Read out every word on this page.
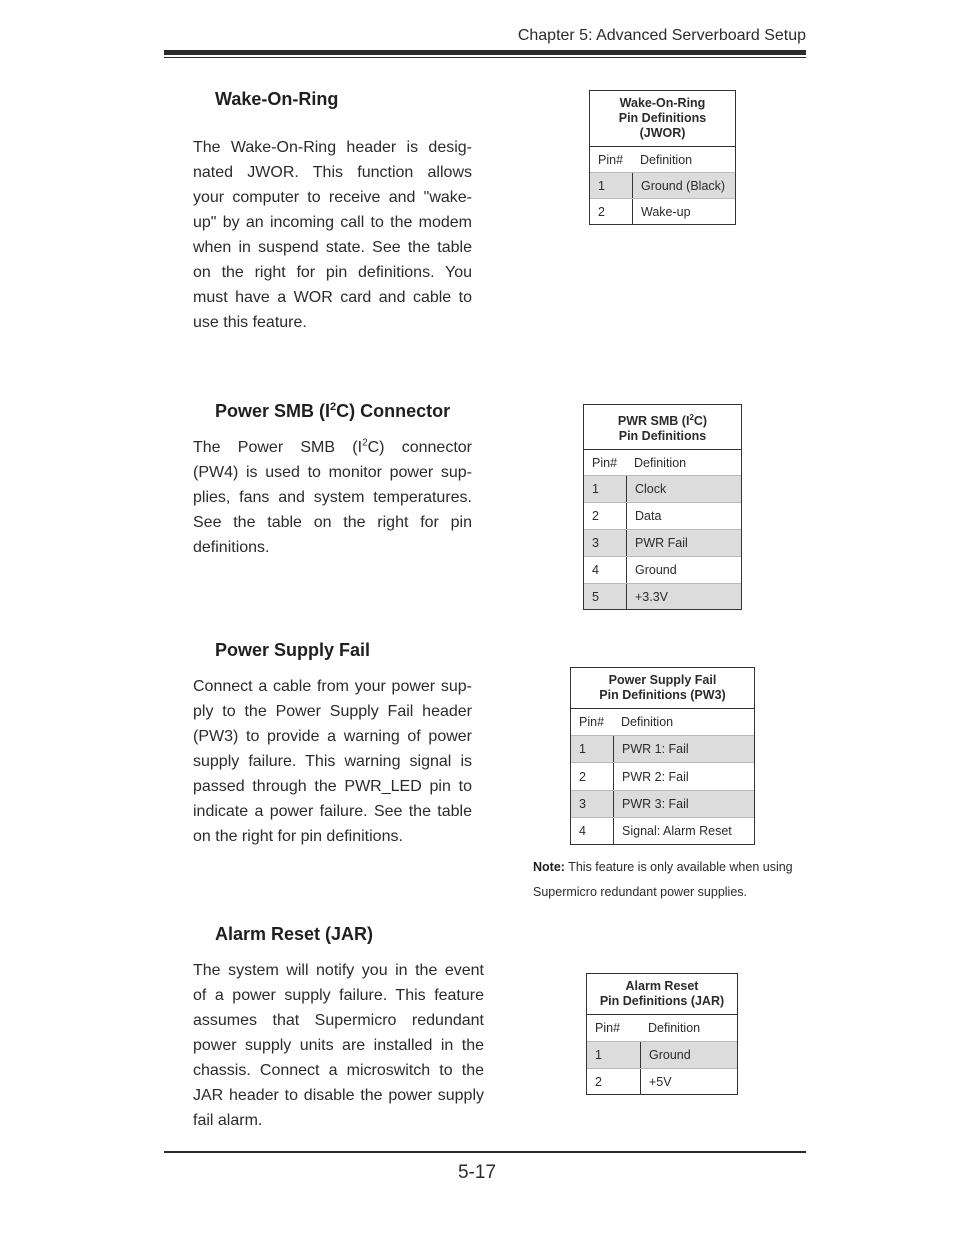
Chapter 5: Advanced Serverboard Setup
Wake-On-Ring
The Wake-On-Ring header is desig-
nated JWOR. This function allows
your computer to receive and "wake-
up" by an incoming call to the modem
when in suspend state. See the table
on the right for pin definitions. You
must have a WOR card and cable to
use this feature.
Wake-On-Ring
Pin Definitions
(JWOR)
Pin#	Definition
1	Ground (Black)
2	Wake-up
Power SMB $(I^2C)$ Connector
The Power SMB $(I^2C)$ connector
(PW4) is used to monitor power sup-
plies, fans and system temperatures.
See the table on the right for pin
definitions.
PWR SMB $(I^2C)$
Pin Definitions
Pin#	Definition
1	Clock
2	Data
3	PWR Fail
4	Ground
5	+3.3V
Power Supply Fail
Connect a cable from your power sup-
ply to the Power Supply Fail header
(PW3) to provide a warning of power
supply failure. This warning signal is
passed through the PWR_LED pin to
indicate a power failure. See the table
on the right for pin definitions.
Power Supply Fail
Pin Definitions (PW3)
Pin#	Definition
1	PWR 1: Fail
2	PWR 2: Fail
3	PWR 3: Fail
4	Signal: Alarm Reset
Note: This feature is only available when using
Supermicro redundant power supplies.
Alarm Reset (JAR)
The system will notify you in the event
of a power supply failure. This feature
assumes that Supermicro redundant
power supply units are installed in the
chassis. Connect a microswitch to the
JAR header to disable the power supply
fail alarm.
Alarm Reset
Pin Definitions (JAR)
Pin#	Definition
1	Ground
2	+5V
5-17
